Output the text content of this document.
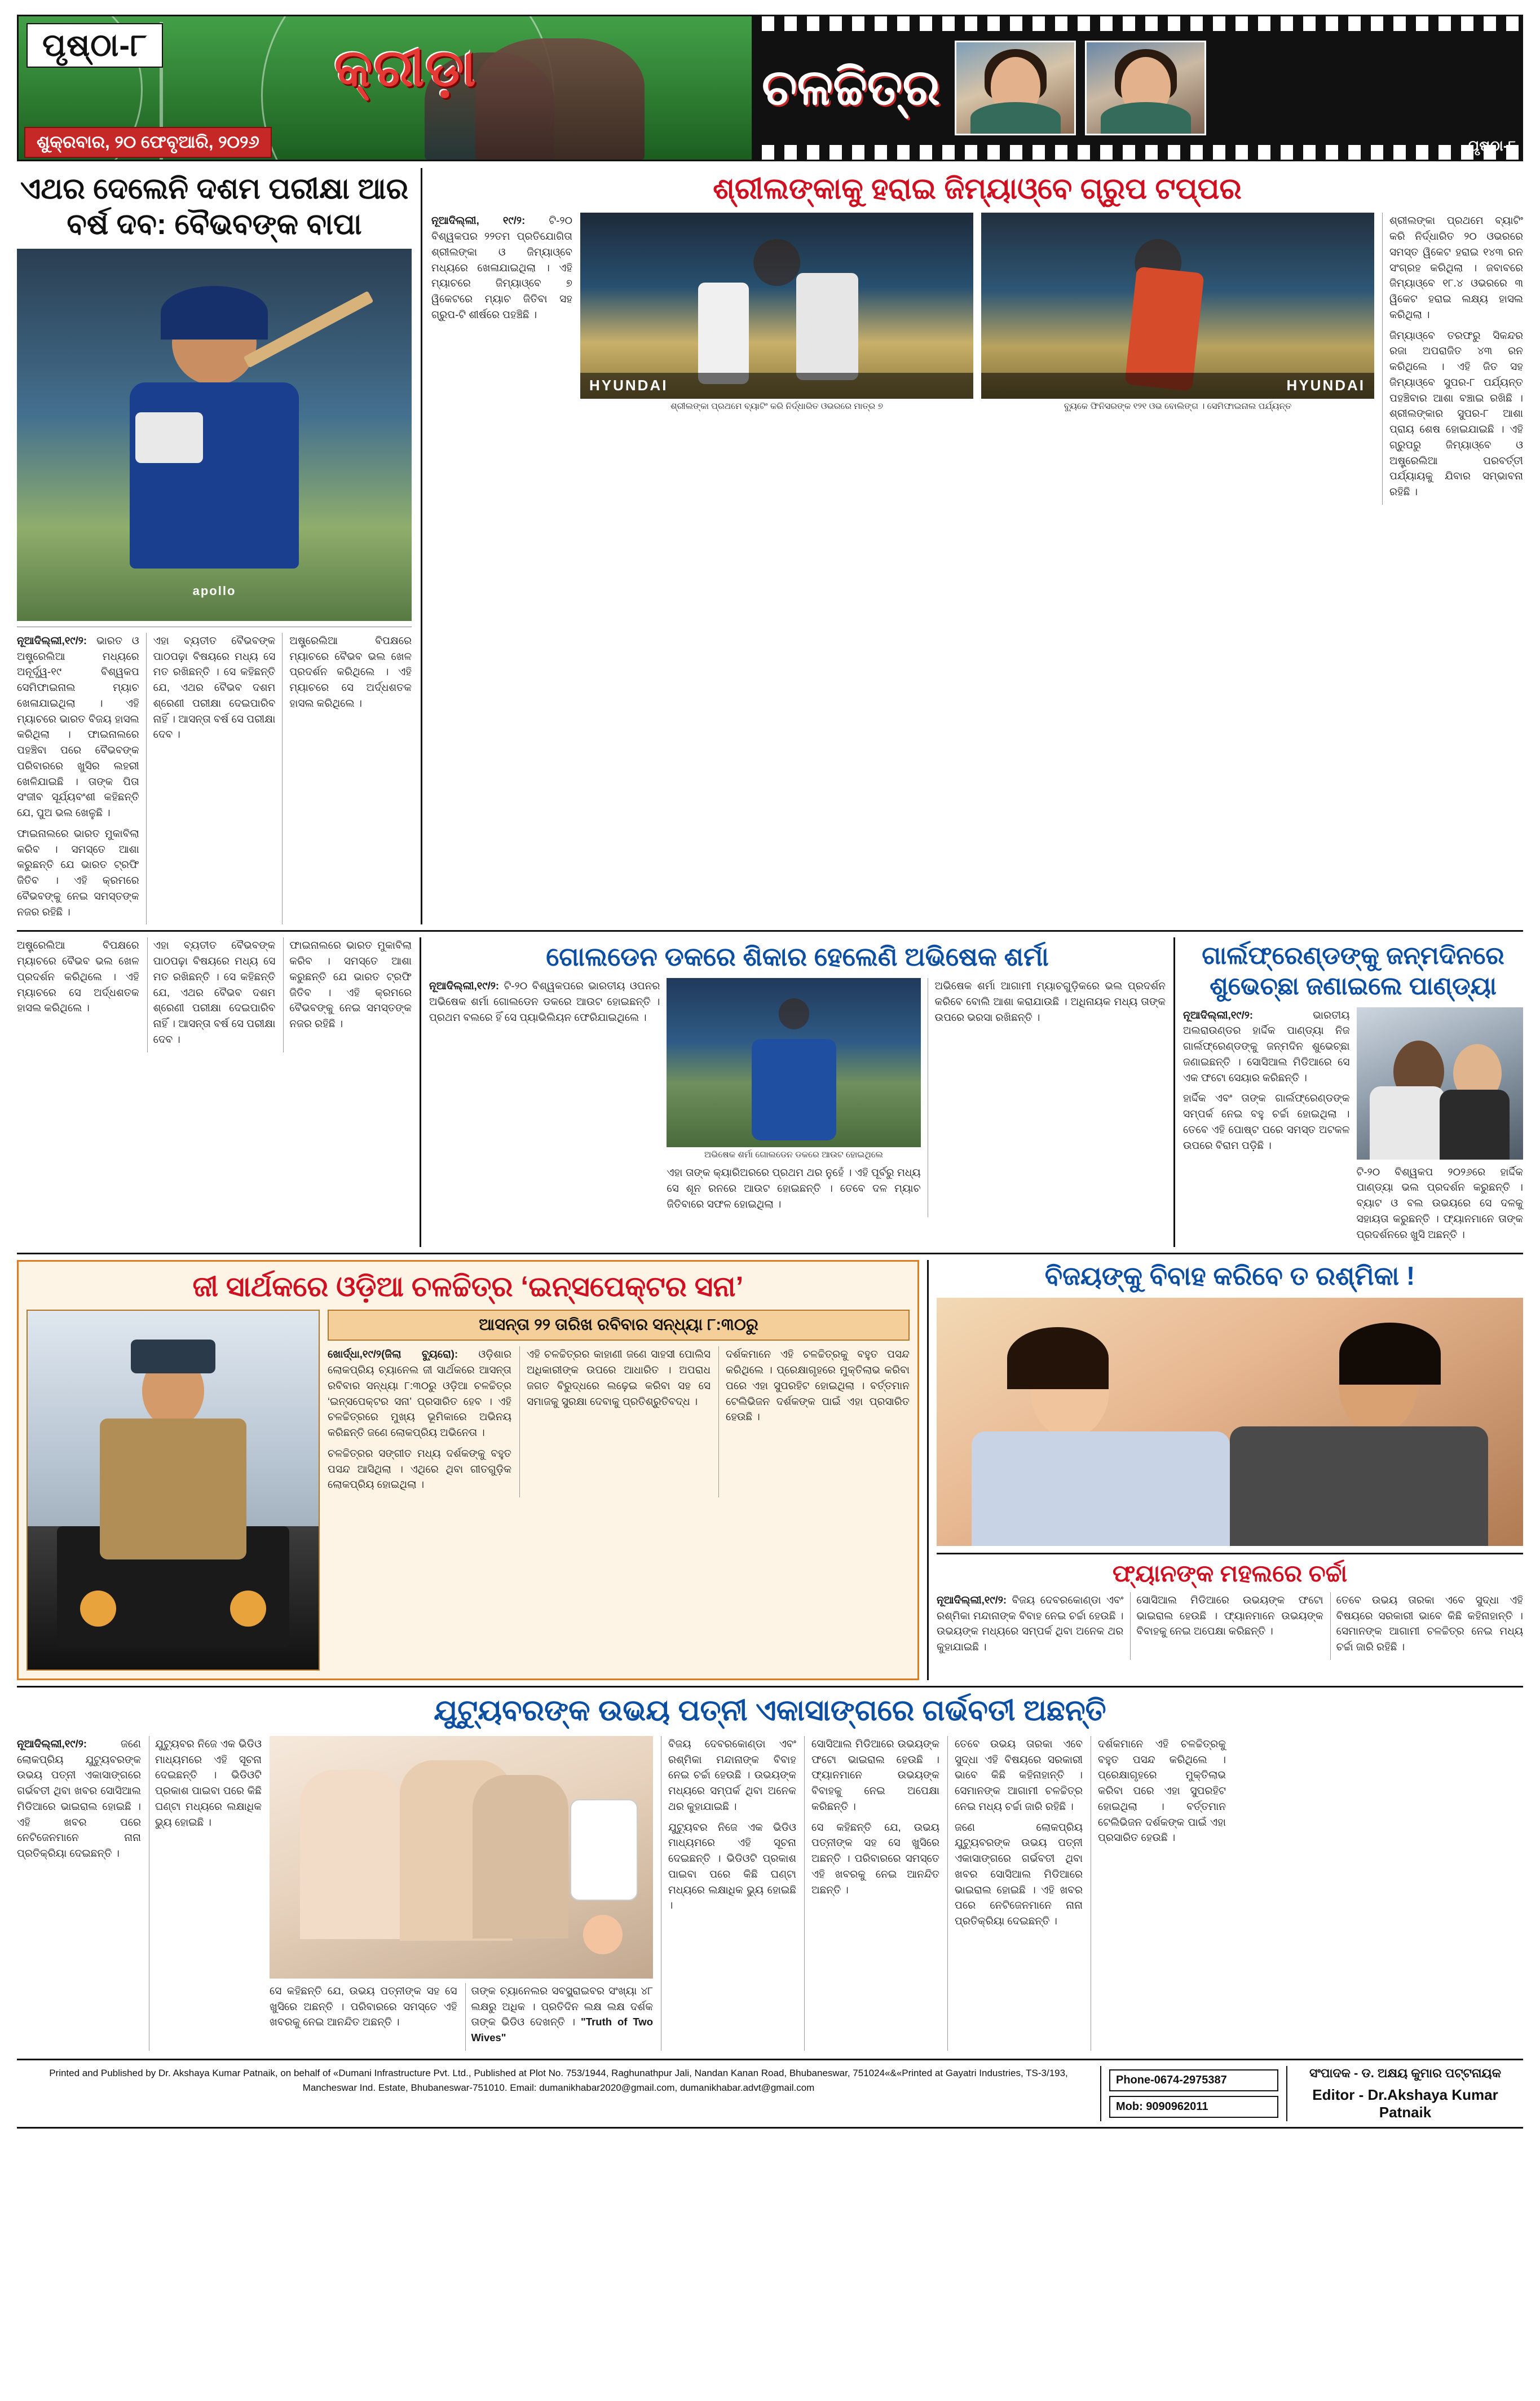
ପୃଷ୍ଠା-୮
ଶୁକ୍ରବାର, ୨୦ ଫେବୃଆରି, ୨୦୨୬
କ୍ରୀଡ଼ା	ଚଳଚ୍ଚିତ୍ର
ପୃଷ୍ଠା-୮
ଏଥର ଦେଲେନି ଦଶମ ପରୀକ୍ଷା ଆର ବର୍ଷ ଦବ: ବୈଭବଙ୍କ ବାପା
apollo

ନୂଆଦିଲ୍ଲୀ,୧୯/୨: ଭାରତ ଓ ଅଷ୍ଟ୍ରେଲିଆ ମଧ୍ୟରେ ଅନୂର୍ଦ୍ଧ୍ୱ-୧୯ ବିଶ୍ୱକପ ସେମିଫାଇନାଲ ମ୍ୟାଚ ଖେଳାଯାଇଥିଲା । ଏହି ମ୍ୟାଚରେ ଭାରତ ବିଜୟ ହାସଲ କରିଥିଲା । ଫାଇନାଲରେ ପହଞ୍ଚିବା ପରେ ବୈଭବଙ୍କ ପରିବାରରେ ଖୁସିର ଲହରୀ ଖେଳିଯାଇଛି । ତାଙ୍କ ପିତା ସଂଜୀବ ସୂର୍ଯ୍ୟବଂଶୀ କହିଛନ୍ତି ଯେ, ପୁଅ ଭଲ ଖେଳୁଛି ।

ଫାଇନାଲରେ ଭାରତ ମୁକାବିଲା କରିବ । ସମସ୍ତେ ଆଶା କରୁଛନ୍ତି ଯେ ଭାରତ ଟ୍ରଫି ଜିତିବ । ଏହି କ୍ରମରେ ବୈଭବଙ୍କୁ ନେଇ ସମସ୍ତଙ୍କ ନଜର ରହିଛି ।

ଏହା ବ୍ୟତୀତ ବୈଭବଙ୍କ ପାଠପଢ଼ା ବିଷୟରେ ମଧ୍ୟ ସେ ମତ ରଖିଛନ୍ତି । ସେ କହିଛନ୍ତି ଯେ, ଏଥର ବୈଭବ ଦଶମ ଶ୍ରେଣୀ ପରୀକ୍ଷା ଦେଇପାରିବ ନାହିଁ । ଆସନ୍ତା ବର୍ଷ ସେ ପରୀକ୍ଷା ଦେବ ।

ଅଷ୍ଟ୍ରେଲିଆ ବିପକ୍ଷରେ ମ୍ୟାଚରେ ବୈଭବ ଭଲ ଖେଳ ପ୍ରଦର୍ଶନ କରିଥିଲେ । ଏହି ମ୍ୟାଚରେ ସେ ଅର୍ଦ୍ଧଶତକ ହାସଲ କରିଥିଲେ ।

ଶ୍ରୀଲଙ୍କାକୁ ହରାଇ ଜିମ୍ୟାଓ୍ବେ ଗ୍ରୁପ ଟପ୍ପର

ନୂଆଦିଲ୍ଲୀ, ୧୯/୨: ଟି-୨୦ ବିଶ୍ୱକପର ୨୨ତମ ପ୍ରତିଯୋଗିତା ଶ୍ରୀଲଙ୍କା ଓ ଜିମ୍ୟାଓ୍ବେ ମଧ୍ୟରେ ଖେଳାଯାଇଥିଲା । ଏହି ମ୍ୟାଚରେ ଜିମ୍ୟାଓ୍ବେ ୭ ୱିକେଟରେ ମ୍ୟାଚ ଜିତିବା ସହ ଗ୍ରୁପ-ଟି ଶୀର୍ଷରେ ପହଞ୍ଚିଛି ।

HYUNDAI
ଶ୍ରୀଲଙ୍କା ପ୍ରଥମେ ବ୍ୟାଟିଂ କରି ନିର୍ଦ୍ଧାରିତ ଓଭରରେ ମାତ୍ର ୭
HYUNDAI
ବ୍ୟୁକେ ଫିନିସରଙ୍କ ୧୨୧ ଓଭ ବୋଲିଙ୍ଗ । ସେମିଫାଇନାଲ ପର୍ଯ୍ୟନ୍ତ

ଶ୍ରୀଲଙ୍କା ପ୍ରଥମେ ବ୍ୟାଟିଂ କରି ନିର୍ଦ୍ଧାରିତ ୨୦ ଓଭରରେ ସମସ୍ତ ୱିକେଟ ହରାଇ ୧୪୩ ରନ ସଂଗ୍ରହ କରିଥିଲା । ଜବାବରେ ଜିମ୍ୟାଓ୍ବେ ୧୮.୪ ଓଭରରେ ୩ ୱିକେଟ ହରାଇ ଲକ୍ଷ୍ୟ ହାସଲ କରିଥିଲା ।

ଜିମ୍ୟାଓ୍ବେ ତରଫରୁ ସିକନ୍ଦର ରଜା ଅପରାଜିତ ୪୩ ରନ କରିଥିଲେ । ଏହି ଜିତ ସହ ଜିମ୍ୟାଓ୍ବେ ସୁପର-୮ ପର୍ଯ୍ୟନ୍ତ ପହଞ୍ଚିବାର ଆଶା ବଞ୍ଚାଇ ରଖିଛି । ଶ୍ରୀଲଙ୍କାର ସୁପର-୮ ଆଶା ପ୍ରାୟ ଶେଷ ହୋଇଯାଇଛି । ଏହି ଗ୍ରୁପରୁ ଜିମ୍ୟାଓ୍ବେ ଓ ଅଷ୍ଟ୍ରେଲିଆ ପରବର୍ତ୍ତୀ ପର୍ଯ୍ୟାୟକୁ ଯିବାର ସମ୍ଭାବନା ରହିଛି ।

ଅଷ୍ଟ୍ରେଲିଆ ବିପକ୍ଷରେ ମ୍ୟାଚରେ ବୈଭବ ଭଲ ଖେଳ ପ୍ରଦର୍ଶନ କରିଥିଲେ । ଏହି ମ୍ୟାଚରେ ସେ ଅର୍ଦ୍ଧଶତକ ହାସଲ କରିଥିଲେ ।

ଏହା ବ୍ୟତୀତ ବୈଭବଙ୍କ ପାଠପଢ଼ା ବିଷୟରେ ମଧ୍ୟ ସେ ମତ ରଖିଛନ୍ତି । ସେ କହିଛନ୍ତି ଯେ, ଏଥର ବୈଭବ ଦଶମ ଶ୍ରେଣୀ ପରୀକ୍ଷା ଦେଇପାରିବ ନାହିଁ । ଆସନ୍ତା ବର୍ଷ ସେ ପରୀକ୍ଷା ଦେବ ।

ଫାଇନାଲରେ ଭାରତ ମୁକାବିଲା କରିବ । ସମସ୍ତେ ଆଶା କରୁଛନ୍ତି ଯେ ଭାରତ ଟ୍ରଫି ଜିତିବ । ଏହି କ୍ରମରେ ବୈଭବଙ୍କୁ ନେଇ ସମସ୍ତଙ୍କ ନଜର ରହିଛି ।

ଗୋଲଡେନ ଡକରେ ଶିକାର ହେଲେଣି ଅଭିଷେକ ଶର୍ମା

ନୂଆଦିଲ୍ଲୀ,୧୯/୨: ଟି-୨୦ ବିଶ୍ୱକପରେ ଭାରତୀୟ ଓପନର ଅଭିଷେକ ଶର୍ମା ଗୋଲଡେନ ଡକରେ ଆଉଟ ହୋଇଛନ୍ତି । ପ୍ରଥମ ବଲରେ ହିଁ ସେ ପ୍ୟାଭିଲିୟନ ଫେରିଯାଇଥିଲେ ।

ଅଭିଷେକ ଶର୍ମା ଗୋଲଡେନ ଡକରେ ଆଉଟ ହୋଇଥିଲେ

ଏହା ତାଙ୍କ କ୍ୟାରିଅରରେ ପ୍ରଥମ ଥର ନୁହେଁ । ଏହି ପୂର୍ବରୁ ମଧ୍ୟ ସେ ଶୂନ ରନରେ ଆଉଟ ହୋଇଛନ୍ତି । ତେବେ ଦଳ ମ୍ୟାଚ ଜିତିବାରେ ସଫଳ ହୋଇଥିଲା ।

ଅଭିଷେକ ଶର୍ମା ଆଗାମୀ ମ୍ୟାଚଗୁଡ଼ିକରେ ଭଲ ପ୍ରଦର୍ଶନ କରିବେ ବୋଲି ଆଶା କରାଯାଉଛି । ଅଧିନାୟକ ମଧ୍ୟ ତାଙ୍କ ଉପରେ ଭରସା ରଖିଛନ୍ତି ।

ଗାର୍ଲଫ୍ରେଣ୍ଡଙ୍କୁ ଜନ୍ମଦିନରେ ଶୁଭେଚ୍ଛା ଜଣାଇଲେ ପାଣ୍ଡ୍ୟା

ନୂଆଦିଲ୍ଲୀ,୧୯/୨:	ଭାରତୀୟ ଅଲରାଉଣ୍ଡର ହାର୍ଦ୍ଦିକ ପାଣ୍ଡ୍ୟା ନିଜ ଗାର୍ଲଫ୍ରେଣ୍ଡଙ୍କୁ ଜନ୍ମଦିନ ଶୁଭେଚ୍ଛା ଜଣାଇଛନ୍ତି । ସୋସିଆଲ ମିଡିଆରେ ସେ ଏକ ଫଟୋ ସେୟାର କରିଛନ୍ତି ।

ହାର୍ଦ୍ଦିକ ଏବଂ ତାଙ୍କ ଗାର୍ଲଫ୍ରେଣ୍ଡଙ୍କ ସମ୍ପର୍କ ନେଇ ବହୁ ଚର୍ଚ୍ଚା ହୋଇଥିଲା । ତେବେ ଏହି ପୋଷ୍ଟ ପରେ ସମସ୍ତ ଅଟକଳ ଉପରେ ବିରାମ ପଡ଼ିଛି ।

ଟି-୨୦ ବିଶ୍ୱକପ ୨୦୨୬ରେ ହାର୍ଦ୍ଦିକ ପାଣ୍ଡ୍ୟା ଭଲ ପ୍ରଦର୍ଶନ କରୁଛନ୍ତି । ବ୍ୟାଟ ଓ ବଲ ଉଭୟରେ ସେ ଦଳକୁ ସହାୟତା କରୁଛନ୍ତି । ଫ୍ୟାନମାନେ ତାଙ୍କ ପ୍ରଦର୍ଶନରେ ଖୁସି ଅଛନ୍ତି ।

ଜୀ ସାର୍ଥକରେ ଓଡ଼ିଆ ଚଳଚ୍ଚିତ୍ର ‘ଇନ୍ସପେକ୍ଟର ସନା’
ଆସନ୍ତା ୨୨ ତାରିଖ ରବିବାର ସନ୍ଧ୍ୟା ୮:୩୦ରୁ

ଖୋର୍ଦ୍ଧା,୧୯/୨(ଜିଲା ବ୍ୟୁରୋ): ଓଡ଼ିଶାର ଲୋକପ୍ରିୟ ଚ୍ୟାନେଲ ଜୀ ସାର୍ଥକରେ ଆସନ୍ତା ରବିବାର ସନ୍ଧ୍ୟା ୮:୩୦ରୁ ଓଡ଼ିଆ ଚଳଚ୍ଚିତ୍ର ‘ଇନ୍ସପେକ୍ଟର ସନା’ ପ୍ରସାରିତ ହେବ । ଏହି ଚଳଚ୍ଚିତ୍ରରେ ମୁଖ୍ୟ ଭୂମିକାରେ ଅଭିନୟ କରିଛନ୍ତି ଜଣେ ଲୋକପ୍ରିୟ ଅଭିନେତା ।

ଚଳଚ୍ଚିତ୍ରର ସଙ୍ଗୀତ ମଧ୍ୟ ଦର୍ଶକଙ୍କୁ ବହୁତ ପସନ୍ଦ ଆସିଥିଲା । ଏଥିରେ ଥିବା ଗୀତଗୁଡ଼ିକ ଲୋକପ୍ରିୟ ହୋଇଥିଲା ।

ଏହି ଚଳଚ୍ଚିତ୍ରର କାହାଣୀ ଜଣେ ସାହସୀ ପୋଲିସ ଅଧିକାରୀଙ୍କ ଉପରେ ଆଧାରିତ । ଅପରାଧ ଜଗତ ବିରୁଦ୍ଧରେ ଲଢ଼େଇ କରିବା ସହ ସେ ସମାଜକୁ ସୁରକ୍ଷା ଦେବାକୁ ପ୍ରତିଶ୍ରୁତିବଦ୍ଧ ।

ଦର୍ଶକମାନେ ଏହି ଚଳଚ୍ଚିତ୍ରକୁ ବହୁତ ପସନ୍ଦ କରିଥିଲେ । ପ୍ରେକ୍ଷାଗୃହରେ ମୁକ୍ତିଲାଭ କରିବା ପରେ ଏହା ସୁପରହିଟ ହୋଇଥିଲା । ବର୍ତ୍ତମାନ ଟେଲିଭିଜନ ଦର୍ଶକଙ୍କ ପାଇଁ ଏହା ପ୍ରସାରିତ ହେଉଛି ।

ବିଜୟଙ୍କୁ ବିବାହ କରିବେ ତ ରଶ୍ମିକା !
ଫ୍ୟାନଙ୍କ ମହଲରେ ଚର୍ଚ୍ଚା

ନୂଆଦିଲ୍ଲୀ,୧୯/୨: ବିଜୟ ଦେବରକୋଣ୍ଡା ଏବଂ ରଶ୍ମିକା ମନ୍ଦାନାଙ୍କ ବିବାହ ନେଇ ଚର୍ଚ୍ଚା ହେଉଛି । ଉଭୟଙ୍କ ମଧ୍ୟରେ ସମ୍ପର୍କ ଥିବା ଅନେକ ଥର କୁହାଯାଇଛି ।

ସୋସିଆଲ ମିଡିଆରେ ଉଭୟଙ୍କ ଫଟୋ ଭାଇରାଲ ହେଉଛି । ଫ୍ୟାନମାନେ ଉଭୟଙ୍କ ବିବାହକୁ ନେଇ ଅପେକ୍ଷା କରିଛନ୍ତି ।

ତେବେ ଉଭୟ ତାରକା ଏବେ ସୁଦ୍ଧା ଏହି ବିଷୟରେ ସରକାରୀ ଭାବେ କିଛି କହିନାହାନ୍ତି । ସେମାନଙ୍କ ଆଗାମୀ ଚଳଚ୍ଚିତ୍ର ନେଇ ମଧ୍ୟ ଚର୍ଚ୍ଚା ଜାରି ରହିଛି ।

ଯୁଟ୍ୟୁବରଙ୍କ ଉଭୟ ପତ୍ନୀ ଏକାସାଙ୍ଗରେ ଗର୍ଭବତୀ ଅଛନ୍ତି

ନୂଆଦିଲ୍ଲୀ,୧୯/୨:	ଜଣେ ଲୋକପ୍ରିୟ ଯୁଟ୍ୟୁବରଙ୍କ ଉଭୟ ପତ୍ନୀ ଏକାସାଙ୍ଗରେ ଗର୍ଭବତୀ ଥିବା ଖବର ସୋସିଆଲ ମିଡିଆରେ ଭାଇରାଲ ହୋଇଛି । ଏହି ଖବର ପରେ ନେଟିଜେନମାନେ ନାନା ପ୍ରତିକ୍ରିୟା ଦେଇଛନ୍ତି ।

ଯୁଟ୍ୟୁବର ନିଜେ ଏକ ଭିଡିଓ ମାଧ୍ୟମରେ ଏହି ସୂଚନା ଦେଇଛନ୍ତି । ଭିଡିଓଟି ପ୍ରକାଶ ପାଇବା ପରେ କିଛି ଘଣ୍ଟା ମଧ୍ୟରେ ଲକ୍ଷାଧିକ ଭ୍ୟୁ ହୋଇଛି ।

ସେ କହିଛନ୍ତି ଯେ, ଉଭୟ ପତ୍ନୀଙ୍କ ସହ ସେ ଖୁସିରେ ଅଛନ୍ତି । ପରିବାରରେ ସମସ୍ତେ ଏହି ଖବରକୁ ନେଇ ଆନନ୍ଦିତ ଅଛନ୍ତି ।

ତାଙ୍କ ଚ୍ୟାନେଲର ସବସ୍କ୍ରାଇବର ସଂଖ୍ୟା ୪୮ ଲକ୍ଷରୁ ଅଧିକ । ପ୍ରତିଦିନ ଲକ୍ଷ ଲକ୍ଷ ଦର୍ଶକ ତାଙ୍କ ଭିଡିଓ ଦେଖନ୍ତି । "Truth of Two Wives"

ବିଜୟ ଦେବରକୋଣ୍ଡା ଏବଂ ରଶ୍ମିକା ମନ୍ଦାନାଙ୍କ ବିବାହ ନେଇ ଚର୍ଚ୍ଚା ହେଉଛି । ଉଭୟଙ୍କ ମଧ୍ୟରେ ସମ୍ପର୍କ ଥିବା ଅନେକ ଥର କୁହାଯାଇଛି ।

ଯୁଟ୍ୟୁବର ନିଜେ ଏକ ଭିଡିଓ ମାଧ୍ୟମରେ ଏହି ସୂଚନା ଦେଇଛନ୍ତି । ଭିଡିଓଟି ପ୍ରକାଶ ପାଇବା ପରେ କିଛି ଘଣ୍ଟା ମଧ୍ୟରେ ଲକ୍ଷାଧିକ ଭ୍ୟୁ ହୋଇଛି ।

ସୋସିଆଲ ମିଡିଆରେ ଉଭୟଙ୍କ ଫଟୋ ଭାଇରାଲ ହେଉଛି । ଫ୍ୟାନମାନେ ଉଭୟଙ୍କ ବିବାହକୁ ନେଇ ଅପେକ୍ଷା କରିଛନ୍ତି ।

ସେ କହିଛନ୍ତି ଯେ, ଉଭୟ ପତ୍ନୀଙ୍କ ସହ ସେ ଖୁସିରେ ଅଛନ୍ତି । ପରିବାରରେ ସମସ୍ତେ ଏହି ଖବରକୁ ନେଇ ଆନନ୍ଦିତ ଅଛନ୍ତି ।

ତେବେ ଉଭୟ ତାରକା ଏବେ ସୁଦ୍ଧା ଏହି ବିଷୟରେ ସରକାରୀ ଭାବେ କିଛି କହିନାହାନ୍ତି । ସେମାନଙ୍କ ଆଗାମୀ ଚଳଚ୍ଚିତ୍ର ନେଇ ମଧ୍ୟ ଚର୍ଚ୍ଚା ଜାରି ରହିଛି ।

ଜଣେ ଲୋକପ୍ରିୟ ଯୁଟ୍ୟୁବରଙ୍କ ଉଭୟ ପତ୍ନୀ ଏକାସାଙ୍ଗରେ ଗର୍ଭବତୀ ଥିବା ଖବର ସୋସିଆଲ ମିଡିଆରେ ଭାଇରାଲ ହୋଇଛି । ଏହି ଖବର ପରେ ନେଟିଜେନମାନେ ନାନା ପ୍ରତିକ୍ରିୟା ଦେଇଛନ୍ତି ।

ଦର୍ଶକମାନେ ଏହି ଚଳଚ୍ଚିତ୍ରକୁ ବହୁତ ପସନ୍ଦ କରିଥିଲେ । ପ୍ରେକ୍ଷାଗୃହରେ ମୁକ୍ତିଲାଭ କରିବା ପରେ ଏହା ସୁପରହିଟ ହୋଇଥିଲା । ବର୍ତ୍ତମାନ ଟେଲିଭିଜନ ଦର୍ଶକଙ୍କ ପାଇଁ ଏହା ପ୍ରସାରିତ ହେଉଛି ।

Printed and Published by Dr. Akshaya Kumar Patnaik, on behalf of «Dumani Infrastructure Pvt. Ltd., Published at Plot No. 753/1944, Raghunathpur Jali, Nandan Kanan Road, Bhubaneswar, 751024«&«Printed at Gayatri Industries, TS-3/193, Mancheswar Ind. Estate, Bhubaneswar-751010. Email: dumanikhabar2020@gmail.com, dumanikhabar.advt@gmail.com
Phone-0674-2975387
Mob: 9090962011
ସଂପାଦକ - ଡ. ଅକ୍ଷୟ କୁମାର ପଟ୍ଟନାୟକ
Editor - Dr.Akshaya Kumar Patnaik
